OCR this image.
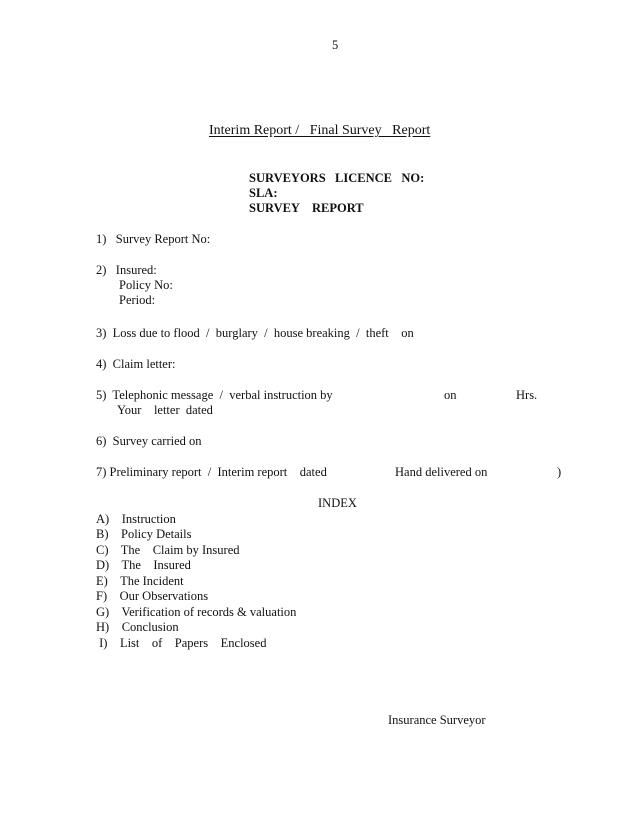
5
Interim Report /   Final Survey   Report
SURVEYORS   LICENCE   NO:
SLA:
SURVEY    REPORT
1)   Survey Report No:
2)   Insured:
Policy No:
Period:
3)  Loss due to flood  /  burglary  /  house breaking  /  theft    on
4)  Claim letter:
5)  Telephonic message  /  verbal instruction by	on	Hrs.
Your    letter  dated
6)  Survey carried on
7) Preliminary report  /  Interim report    dated	Hand delivered on	)
INDEX
A)    Instruction
B)    Policy Details
C)    The    Claim by Insured
D)    The    Insured
E)    The Incident
F)    Our Observations
G)    Verification of records & valuation
H)    Conclusion
I)    List    of    Papers    Enclosed
Insurance Surveyor
